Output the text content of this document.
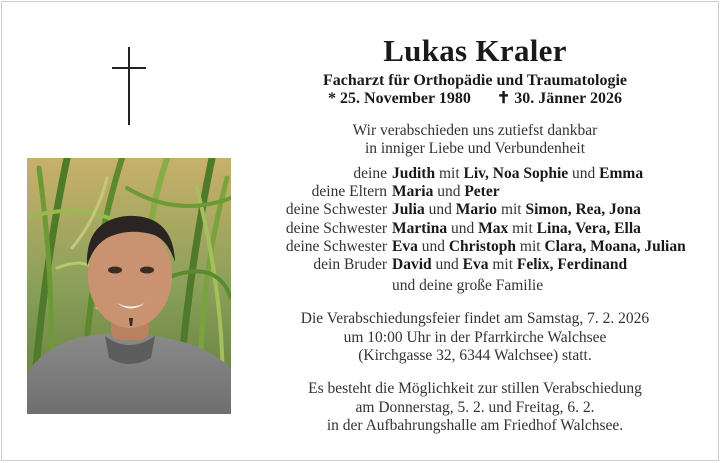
Lukas Kraler
Facharzt für Orthopädie und Traumatologie
* 25. November 1980 ✝ 30. Jänner 2026
Wir verabschieden uns zutiefst dankbar
in inniger Liebe und Verbundenheit
deine Judith mit Liv, Noa Sophie und Emma
deine Eltern Maria und Peter
deine Schwester Julia und Mario mit Simon, Rea, Jona
deine Schwester Martina und Max mit Lina, Vera, Ella
deine Schwester Eva und Christoph mit Clara, Moana, Julian
dein Bruder David und Eva mit Felix, Ferdinand
und deine große Familie
Die Verabschiedungsfeier findet am Samstag, 7. 2. 2026
um 10:00 Uhr in der Pfarrkirche Walchsee
(Kirchgasse 32, 6344 Walchsee) statt.
Es besteht die Möglichkeit zur stillen Verabschiedung
am Donnerstag, 5. 2. und Freitag, 6. 2.
in der Aufbahrungshalle am Friedhof Walchsee.
